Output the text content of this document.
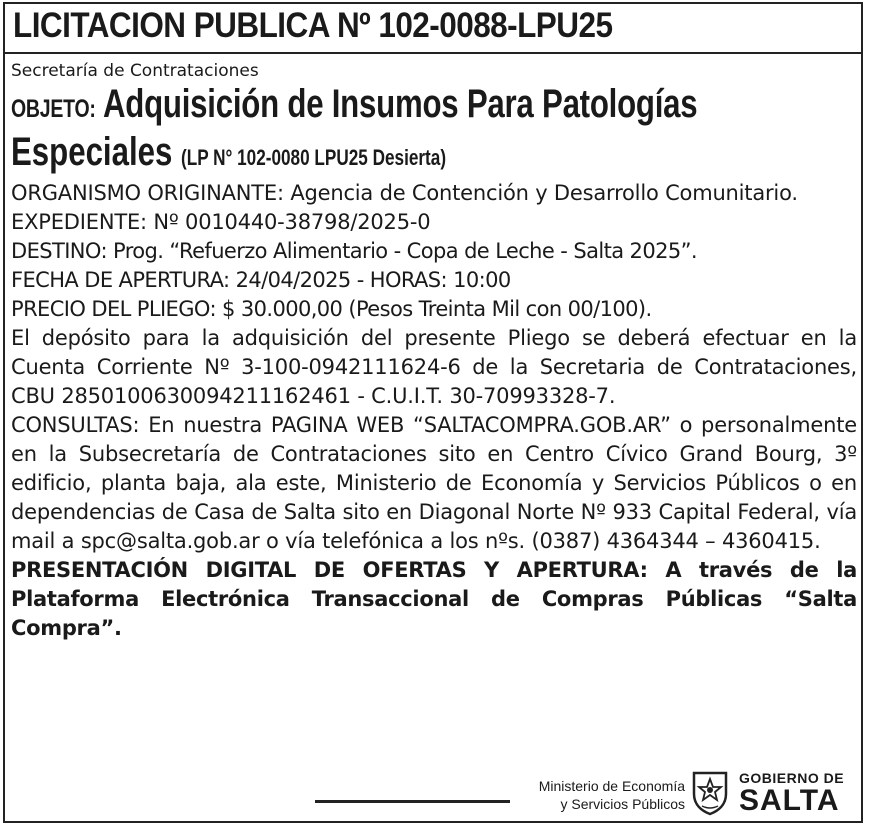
LICITACION PUBLICA Nº 102-0088-LPU25
Secretaría de Contrataciones
OBJETO: Adquisición de Insumos Para Patologías
Especiales (LP N° 102-0080 LPU25 Desierta)
ORGANISMO ORIGINANTE: Agencia de Contención y Desarrollo Comunitario.
EXPEDIENTE: Nº 0010440-38798/2025-0
DESTINO: Prog. “Refuerzo Alimentario - Copa de Leche - Salta 2025”.
FECHA DE APERTURA: 24/04/2025 - HORAS: 10:00
PRECIO DEL PLIEGO: $ 30.000,00 (Pesos Treinta Mil con 00/100).
El depósito para la adquisición del presente Pliego se deberá efectuar en la Cuenta Corriente Nº 3-100-0942111624-6 de la Secretaria de Contrataciones, CBU 2850100630094211162461 - C.U.I.T. 30-70993328-7.
CONSULTAS: En nuestra PAGINA WEB “SALTACOMPRA.GOB.AR” o personalmente en la Subsecretaría de Contrataciones sito en Centro Cívico Grand Bourg, 3º edificio, planta baja, ala este, Ministerio de Economía y Servicios Públicos o en dependencias de Casa de Salta sito en Diagonal Norte Nº 933 Capital Federal, vía mail a spc@salta.gob.ar o vía telefónica a los nºs. (0387) 4364344 – 4360415.
PRESENTACIÓN DIGITAL DE OFERTAS Y APERTURA: A través de la Plataforma Electrónica Transaccional de Compras Públicas “Salta Compra”.
Ministerio de Economía
y Servicios Públicos
GOBIERNO DE
SALTA
